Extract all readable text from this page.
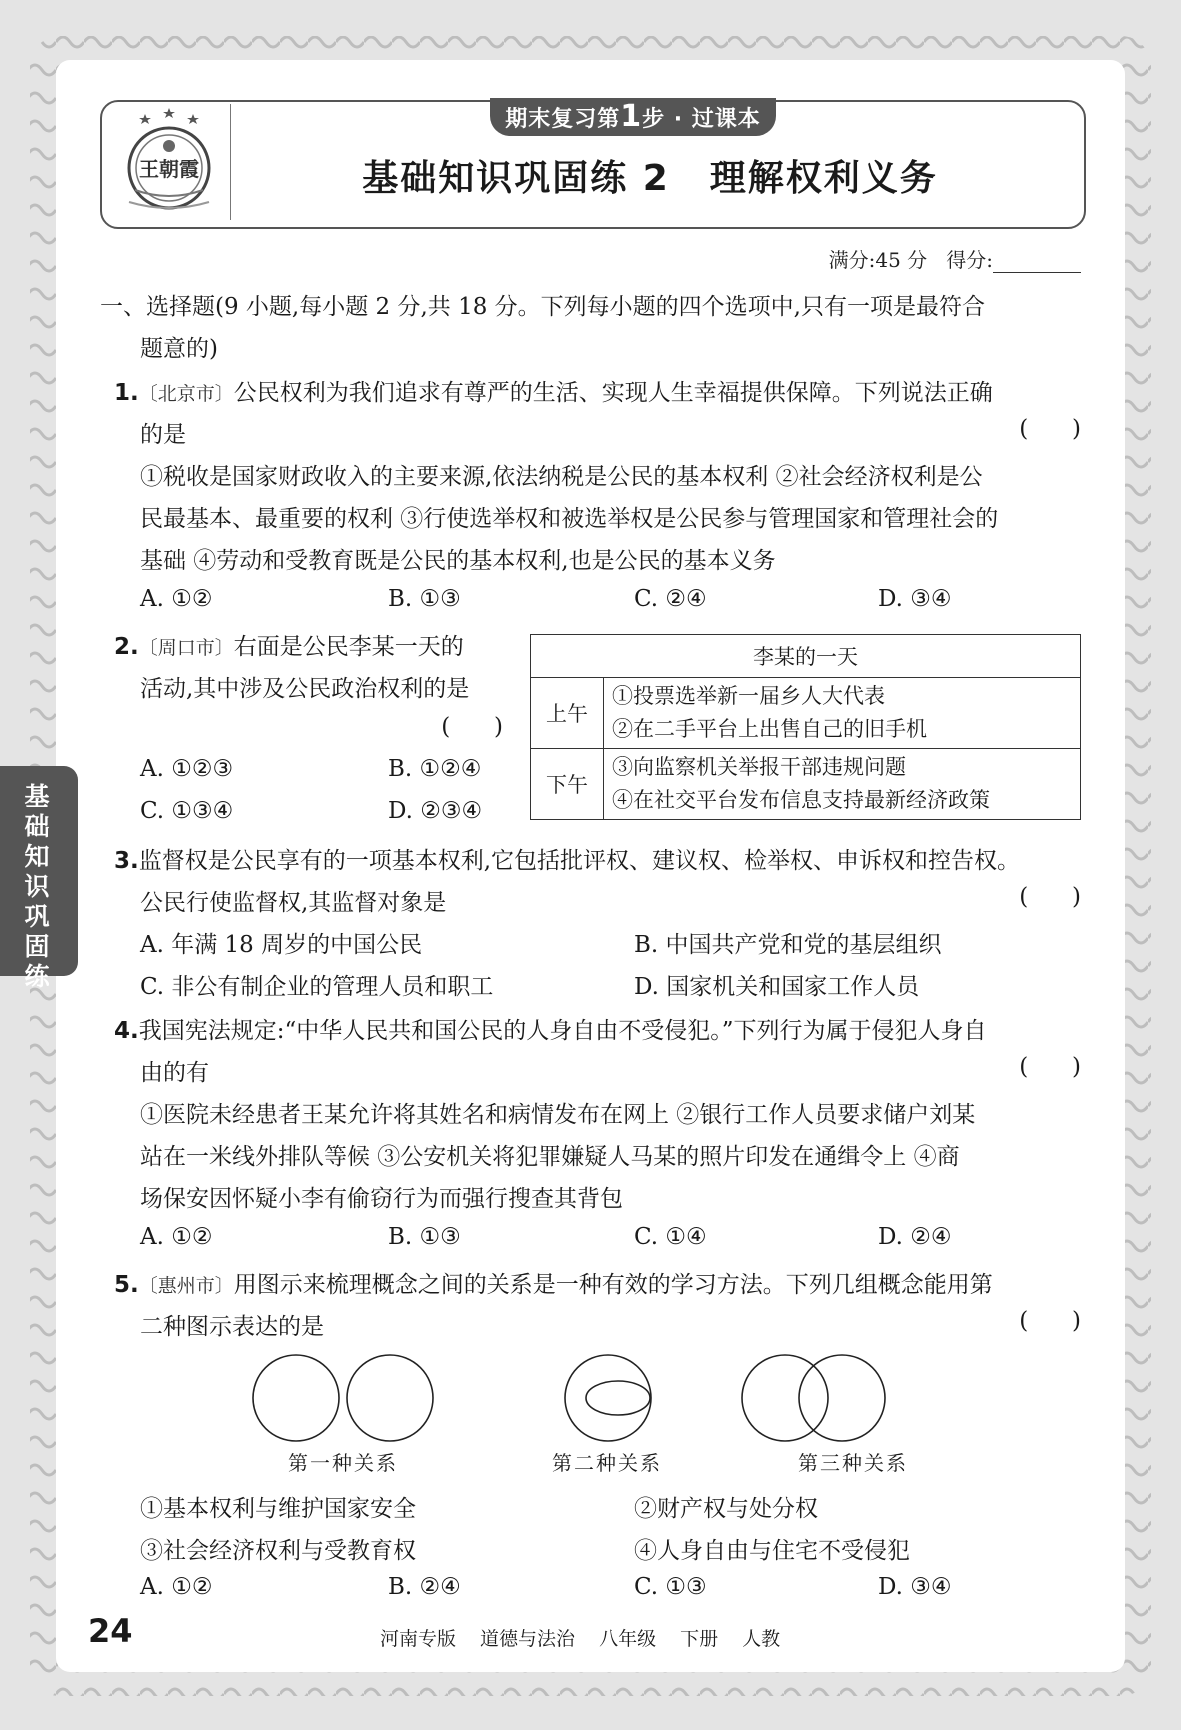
王朝霞
期末复习第1步 · 过课本
基础知识巩固练 2 理解权利义务
满分:45 分 得分:
基础知识巩固练
一、选择题(9 小题,每小题 2 分,共 18 分。下列每小题的四个选项中,只有一项是最符合
题意的)
1.〔北京市〕公民权利为我们追求有尊严的生活、实现人生幸福提供保障。下列说法正确
的是	(      )
①税收是国家财政收入的主要来源,依法纳税是公民的基本权利 ②社会经济权利是公
民最基本、最重要的权利 ③行使选举权和被选举权是公民参与管理国家和管理社会的
基础 ④劳动和受教育既是公民的基本权利,也是公民的基本义务
A. ①②	B. ①③	C. ②④	D. ③④
2.〔周口市〕右面是公民李某一天的
活动,其中涉及公民政治权利的是
(      )
A. ①②③	B. ①②④
C. ①③④	D. ②③④
李某的一天	
上午	①投票选举新一届乡人大代表
②在二手平台上出售自己的旧手机

下午	③向监察机关举报干部违规问题
④在社交平台发布信息支持最新经济政策
3.监督权是公民享有的一项基本权利,它包括批评权、建议权、检举权、申诉权和控告权。
公民行使监督权,其监督对象是	(      )
A. 年满 18 周岁的中国公民	B. 中国共产党和党的基层组织
C. 非公有制企业的管理人员和职工	D. 国家机关和国家工作人员
4.我国宪法规定:“中华人民共和国公民的人身自由不受侵犯。”下列行为属于侵犯人身自
由的有	(      )
①医院未经患者王某允许将其姓名和病情发布在网上 ②银行工作人员要求储户刘某
站在一米线外排队等候 ③公安机关将犯罪嫌疑人马某的照片印发在通缉令上 ④商
场保安因怀疑小李有偷窃行为而强行搜查其背包
A. ①②	B. ①③	C. ①④	D. ②④
5.〔惠州市〕用图示来梳理概念之间的关系是一种有效的学习方法。下列几组概念能用第
二种图示表达的是	(      )
第一种关系	第二种关系	第三种关系
①基本权利与维护国家安全	②财产权与处分权
③社会经济权利与受教育权	④人身自由与住宅不受侵犯
A. ①②	B. ②④	C. ①③	D. ③④
24	河南专版 道德与法治 八年级 下册 人教
